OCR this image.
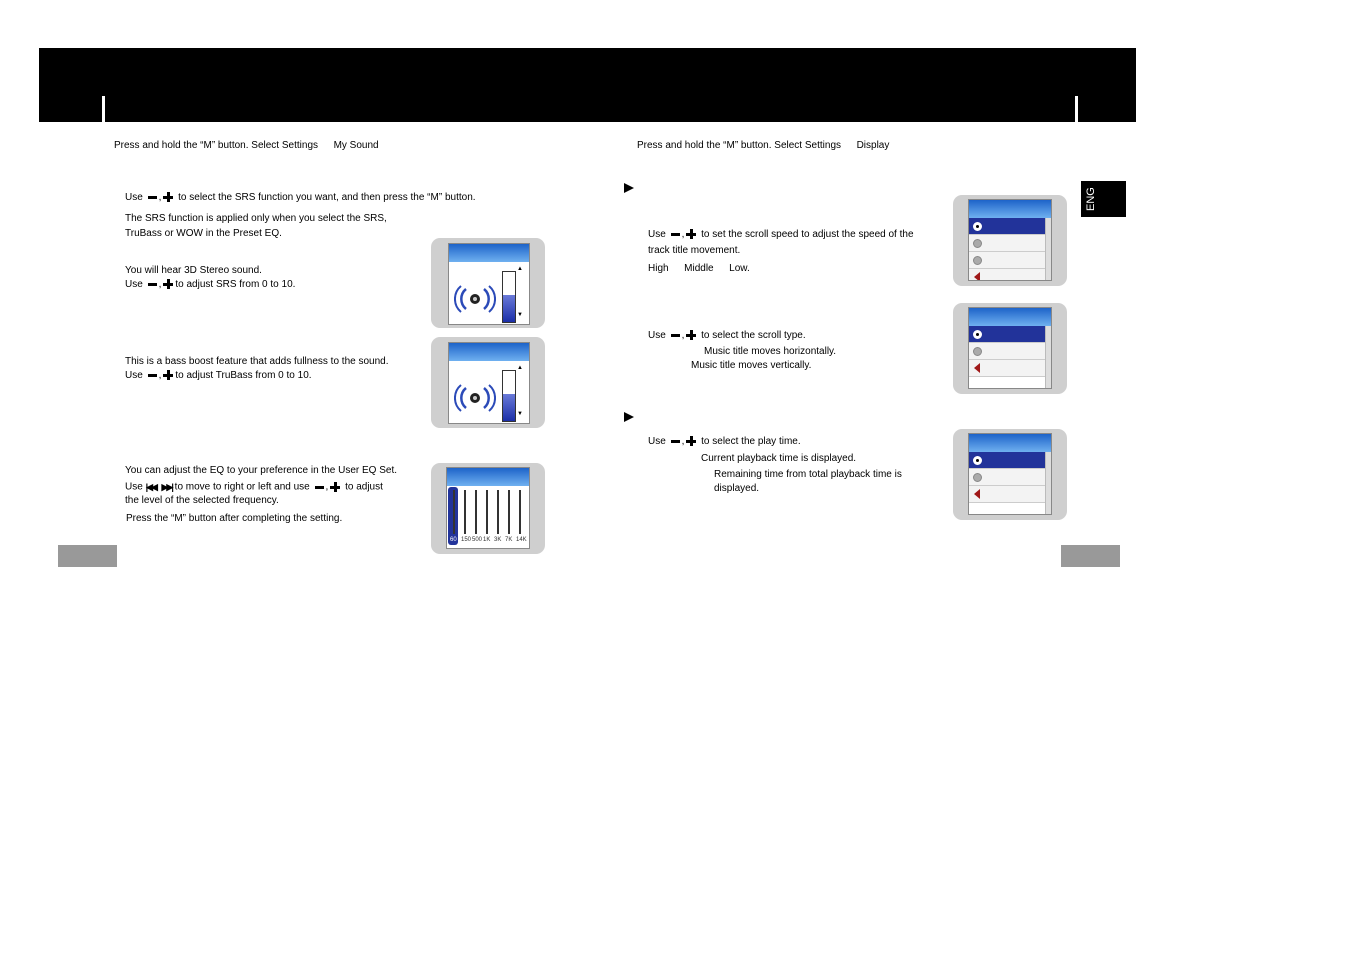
Press and hold the “M” button. Select Settings My Sound
Use , to select the SRS function you want, and then press the “M” button.
The SRS function is applied only when you select the SRS,
TruBass or WOW in the Preset EQ.
You will hear 3D Stereo sound.
Use , to adjust SRS from 0 to 10.
This is a bass boost feature that adds fullness to the sound.
Use , to adjust TruBass from 0 to 10.
You can adjust the EQ to your preference in the User EQ Set.
Use |◀◀, ▶▶| to move to right or left and use , to adjust
the level of the selected frequency.
Press the “M” button after completing the setting.
▲
▼
▲
▼
60 150 500 1K 3K 7K 14K
Press and hold the “M” button. Select Settings Display
Use , to set the scroll speed to adjust the speed of the
track title movement.
High Middle Low.
Use , to select the scroll type.
Music title moves horizontally.
Music title moves vertically.
Use , to select the play time.
Current playback time is displayed.
Remaining time from total playback time is
displayed.
ENG
